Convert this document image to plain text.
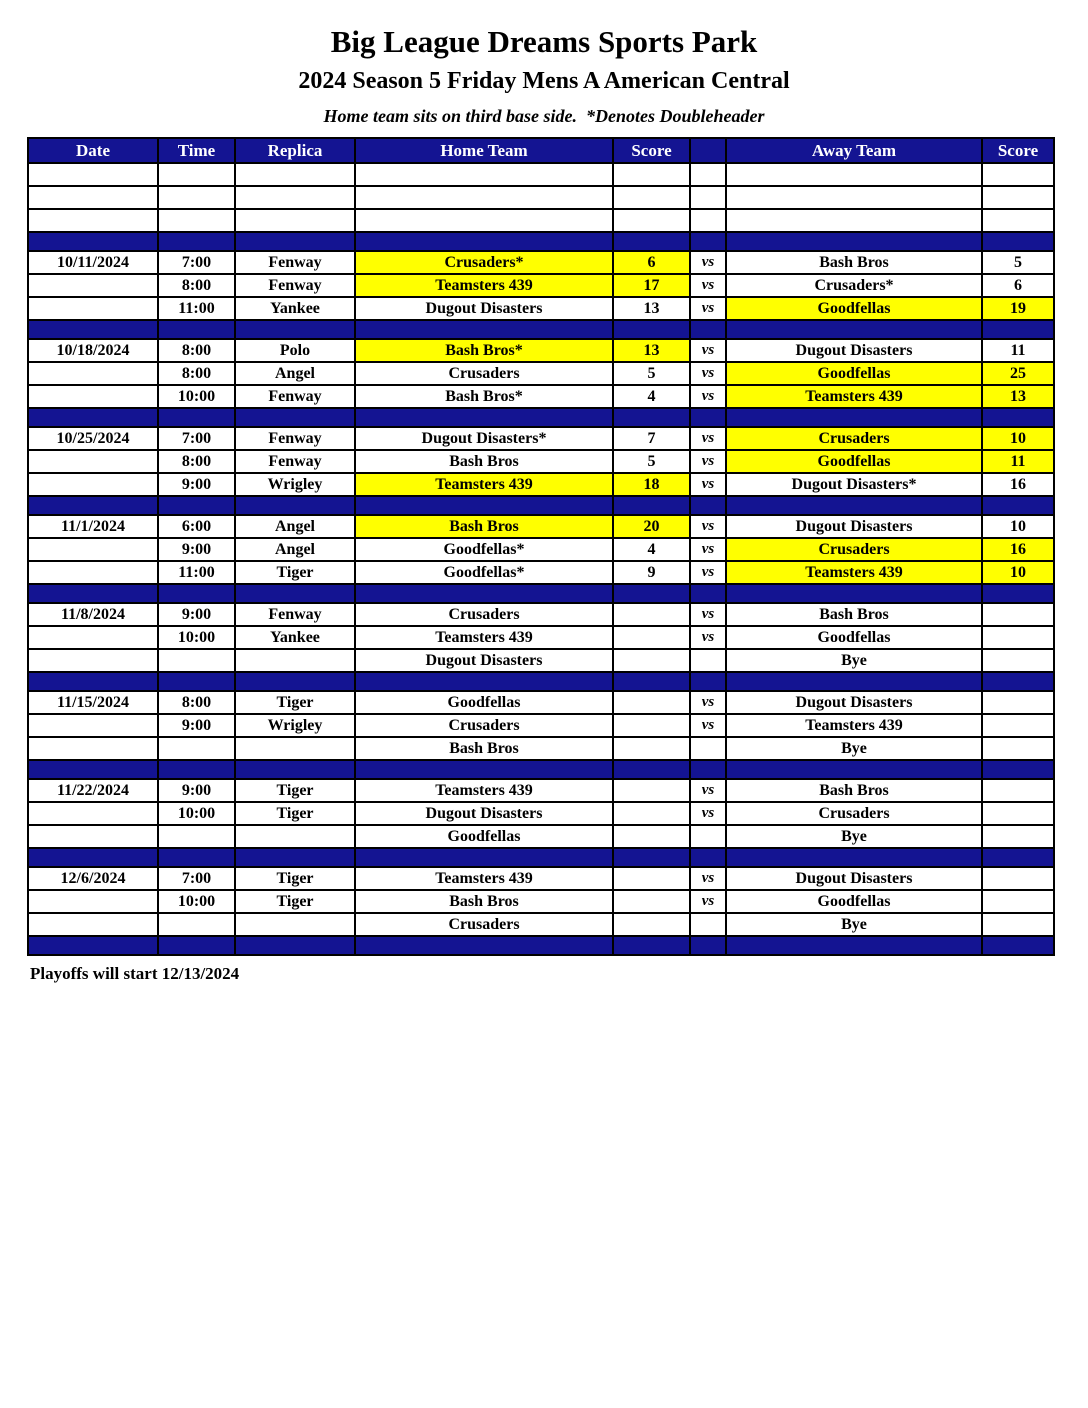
Big League Dreams Sports Park
2024 Season 5 Friday Mens A American Central
Home team sits on third base side.  *Denotes Doubleheader
Date	Time	Replica	Home Team	Score		Away Team	Score

10/11/2024	7:00	Fenway	Crusaders*	6	vs	Bash Bros	5
	8:00	Fenway	Teamsters 439	17	vs	Crusaders*	6
	11:00	Yankee	Dugout Disasters	13	vs	Goodfellas	19

10/18/2024	8:00	Polo	Bash Bros*	13	vs	Dugout Disasters	11
	8:00	Angel	Crusaders	5	vs	Goodfellas	25
	10:00	Fenway	Bash Bros*	4	vs	Teamsters 439	13

10/25/2024	7:00	Fenway	Dugout Disasters*	7	vs	Crusaders	10
	8:00	Fenway	Bash Bros	5	vs	Goodfellas	11
	9:00	Wrigley	Teamsters 439	18	vs	Dugout Disasters*	16

11/1/2024	6:00	Angel	Bash Bros	20	vs	Dugout Disasters	10
	9:00	Angel	Goodfellas*	4	vs	Crusaders	16
	11:00	Tiger	Goodfellas*	9	vs	Teamsters 439	10

11/8/2024	9:00	Fenway	Crusaders		vs	Bash Bros	
	10:00	Yankee	Teamsters 439		vs	Goodfellas	
			Dugout Disasters			Bye	

11/15/2024	8:00	Tiger	Goodfellas		vs	Dugout Disasters	
	9:00	Wrigley	Crusaders		vs	Teamsters 439	
			Bash Bros			Bye	

11/22/2024	9:00	Tiger	Teamsters 439		vs	Bash Bros	
	10:00	Tiger	Dugout Disasters		vs	Crusaders	
			Goodfellas			Bye	

12/6/2024	7:00	Tiger	Teamsters 439		vs	Dugout Disasters	
	10:00	Tiger	Bash Bros		vs	Goodfellas	
			Crusaders			Bye	

Playoffs will start 12/13/2024
